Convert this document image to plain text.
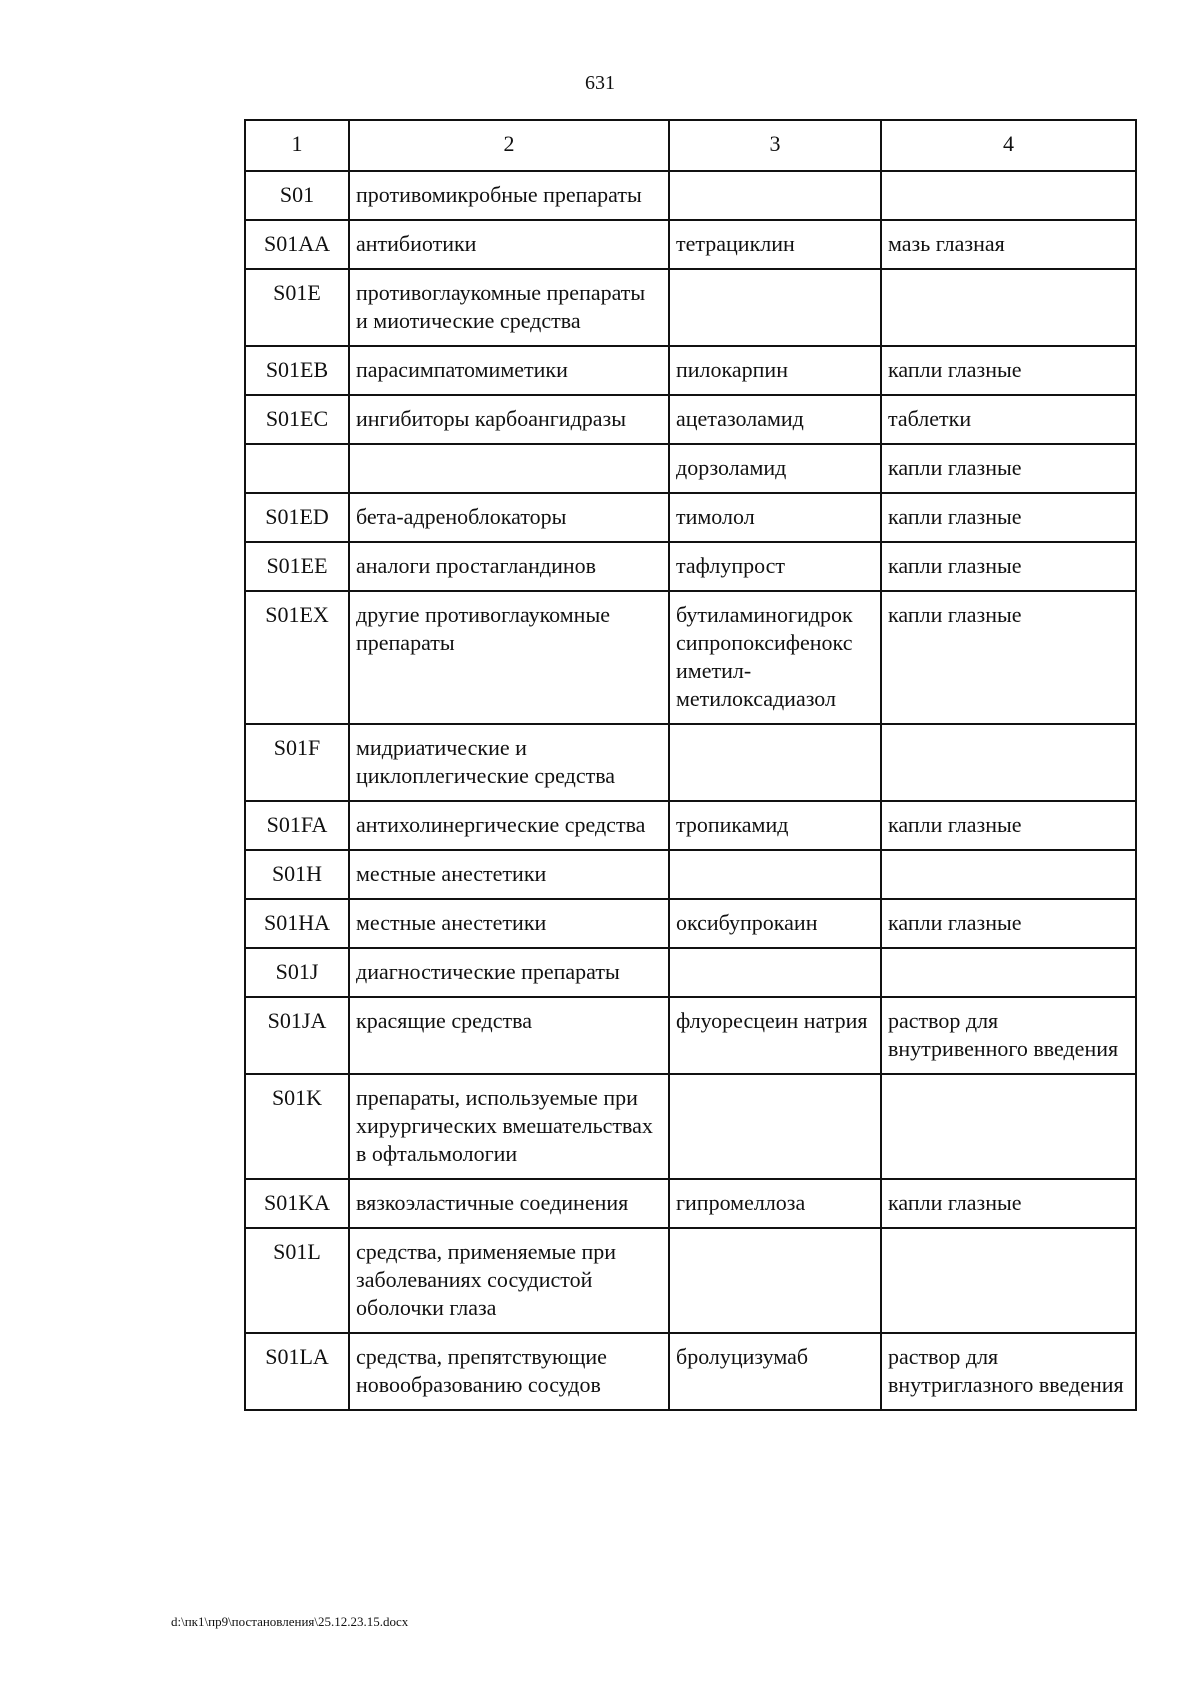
631
1	2	3	4
S01	противомикробные препараты		
S01AA	антибиотики	тетрациклин	мазь глазная
S01E	противоглаукомные препараты и миотические средства		
S01EB	парасимпатомиметики	пилокарпин	капли глазные
S01EC	ингибиторы карбоангидразы	ацетазоламид	таблетки
		дорзоламид	капли глазные
S01ED	бета-адреноблокаторы	тимолол	капли глазные
S01EE	аналоги простагландинов	тафлупрост	капли глазные
S01EX	другие противоглаукомные препараты	бутиламиногидрок сипропоксифенокс иметил-метилоксадиазол	капли глазные
S01F	мидриатические и циклоплегические средства		
S01FA	антихолинергические средства	тропикамид	капли глазные
S01H	местные анестетики		
S01HA	местные анестетики	оксибупрокаин	капли глазные
S01J	диагностические препараты		
S01JA	красящие средства	флуоресцеин натрия	раствор для внутривенного введения
S01K	препараты, используемые при хирургических вмешательствах в офтальмологии		
S01KA	вязкоэластичные соединения	гипромеллоза	капли глазные
S01L	средства, применяемые при заболеваниях сосудистой оболочки глаза		
S01LA	средства, препятствующие новообразованию сосудов	бролуцизумаб	раствор для внутриглазного введения
d:\пк1\пр9\постановления\25.12.23.15.docx
